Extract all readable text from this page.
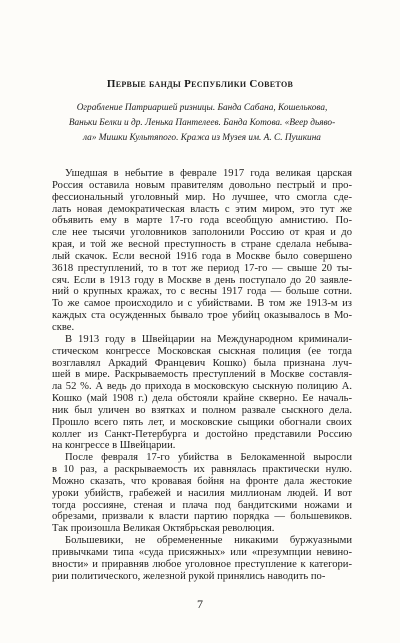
Первые банды Республики Советов
Ограбление Патриаршей ризницы. Банда Сабана, Кошелькова,
Ваньки Белки и др. Ленька Пантелеев. Банда Котова. «Веер дьяво-
ла» Мишки Культяпого. Кража из Музея им. А. С. Пушкина
Ушедшая в небытие в феврале 1917 года великая царская
Россия оставила новым правителям довольно пестрый и про-
фессиональный уголовный мир. Но лучшее, что смогла сде-
лать новая демократическая власть с этим миром, это тут же
объявить ему в марте 17-го года всеобщую амнистию. По-
сле нее тысячи уголовников заполонили Россию от края и до
края, и той же весной преступность в стране сделала небыва-
лый скачок. Если весной 1916 года в Москве было совершено
3618 преступлений, то в тот же период 17-го — свыше 20 ты-
сяч. Если в 1913 году в Москве в день поступало до 20 заявле-
ний о крупных кражах, то с весны 1917 года — больше сотни.
То же самое происходило и с убийствами. В том же 1913-м из
каждых ста осужденных бывало трое убийц оказывалось в Мо-
скве.
В 1913 году в Швейцарии на Международном криминали-
стическом конгрессе Московская сыскная полиция (ее тогда
возглавлял Аркадий Францевич Кошко) была признана луч-
шей в мире. Раскрываемость преступлений в Москве составля-
ла 52 %. А ведь до прихода в московскую сыскную полицию А.
Кошко (май 1908 г.) дела обстояли крайне скверно. Ее началь-
ник был уличен во взятках и полном развале сыскного дела.
Прошло всего пять лет, и московские сыщики обогнали своих
коллег из Санкт-Петербурга и достойно представили Россию
на конгрессе в Швейцарии.
После февраля 17-го убийства в Белокаменной выросли
в 10 раз, а раскрываемость их равнялась практически нулю.
Можно сказать, что кровавая бойня на фронте дала жестокие
уроки убийств, грабежей и насилия миллионам людей. И вот
тогда россияне, стеная и плача под бандитскими ножами и
обрезами, призвали к власти партию порядка — большевиков.
Так произошла Великая Октябрьская революция.
Большевики, не обремененные никакими буржуазными
привычками типа «суда присяжных» или «презумпции невино-
вности» и приравняв любое уголовное преступление к категори-
рии политического, железной рукой принялись наводить по-
7
